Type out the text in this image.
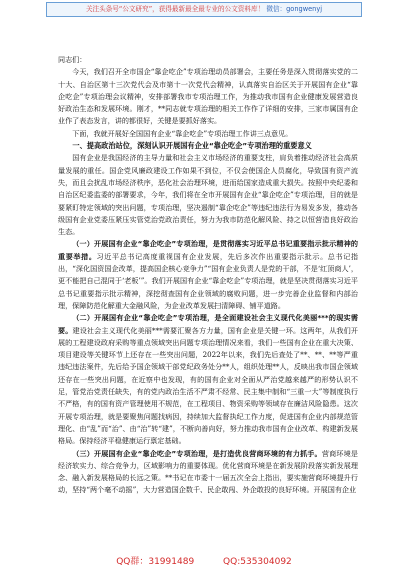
关注头条号“公文研究”，获得最新最全最专业的公文资料库！ 微信：gongwenyj

同志们：

今天，我们召开全市国企“靠企吃企”专项治理动员部署会，主要任务是深入贯彻落实党的二十大、自治区第十三次党代会及市第十一次党代会精神，认真落实自治区关于开展国有企业“靠企吃企”专项治理会议精神，安排部署我市专项治理工作，为推动我市国有企业健康发展营造良好政治生态和发展环境。刚才，**同志就专项治理的相关工作作了详细的安排，三家市属国有企业作了表态发言，讲的都很好，关键是要抓好落实。

下面，我就开展好全国国有企业“靠企吃企”专项治理工作讲三点意见。

一、提高政治站位，深刻认识开展国有企业“靠企吃企”专项治理的重要意义

国有企业是我国经济的主导力量和社会主义市场经济的重要支柱，肩负着推动经济社会高质量发展的重任。国企党风廉政建设工作如果不到位，不仅会使国企人员腐化，导致国有资产流失，而且会扰乱市场经济秩序，恶化社会治理环境，进而给国家造成重大损失。按照中央纪委和自治区纪委监委的部署要求，今年，我们将在全市开展国有企业“靠企吃企”专项治理，目的就是要紧盯特定领域的突出问题，专项治理，坚决遏制“靠企吃企”等违纪违法行为易发多发，推动各级国有企业党委压紧压实管党治党政治责任，努力为我市防范化解风险、持之以恒营造良好政治生态。

（一）开展国有企业“靠企吃企”专项治理，是贯彻落实习近平总书记重要指示批示精神的重要举措。习近平总书记高度重视国有企业发展，先后多次作出重要指示批示。总书记指出，“深化国资国企改革，提高国企核心竞争力”“国有企业负责人是党的干部，不是‘红顶商人’，更不能把自己混同于‘老板’”。我们开展国有企业“靠企吃企”专项治理，就是坚决贯彻落实习近平总书记重要指示批示精神，深挖彻查国有企业领域的腐败问题，进一步完善企业监督和内部治理，保障防范化解重大金融风险，为企业改革发展扫清障碍、铺平道路。

（二）开展国有企业“靠企吃企”专项治理，是全面建设社会主义现代化美丽***的现实需要。建设社会主义现代化美丽***需要汇聚各方力量，国有企业是关键一环。这两年，从我们开展的工程建设政府采购等重点领域突出问题专项治理情况来看，我们一些国有企业在重大决策、项目建设等关键环节上还存在一些突出问题，2022年以来，我们先后查处了**、**、**等严重违纪违法案件，先后给予国企领域干部党纪政务处分**人，组织处理**人，反映出我市国企领域还存在一些突出问题，在近察中也发现，有的国有企业对全面从严治党越来越严的形势认识不足，管党治党责任缺失，有的党内政治生活不严肃不经常、民主集中制和“三重一大”等制度执行不严格，有的国有资产管理使用不规范，在工程项目、物资采购等领域存在廉洁风险隐患。这次开展专项治理，就是要聚焦问题找病因，持续加大监督执纪工作力度，促进国有企业内部规范管理化、由“乱”而“治”、由“治”转“建”，不断向善向好，努力推动我市国有企业改革、构建新发展格局。保持经济平稳健康运行禀定基础。

（三）开展国有企业“靠企吃企”专项治理，是打造优良营商环境的有力抓手。营商环境是经济软实力、综合竞争力，区域影响力的重要体现。优化营商环境是在新发展阶段落实新发展理念、融入新发展格局的长远之策。**书记在市委十一届五次全会上指出，要实施营商环境提升行动，坚持“两个毫不动摇”，大力营造国企数千、民企敢闯、外企敢投的良好环境。开展国有企业

QQ群：31991489	QQ:535304092
